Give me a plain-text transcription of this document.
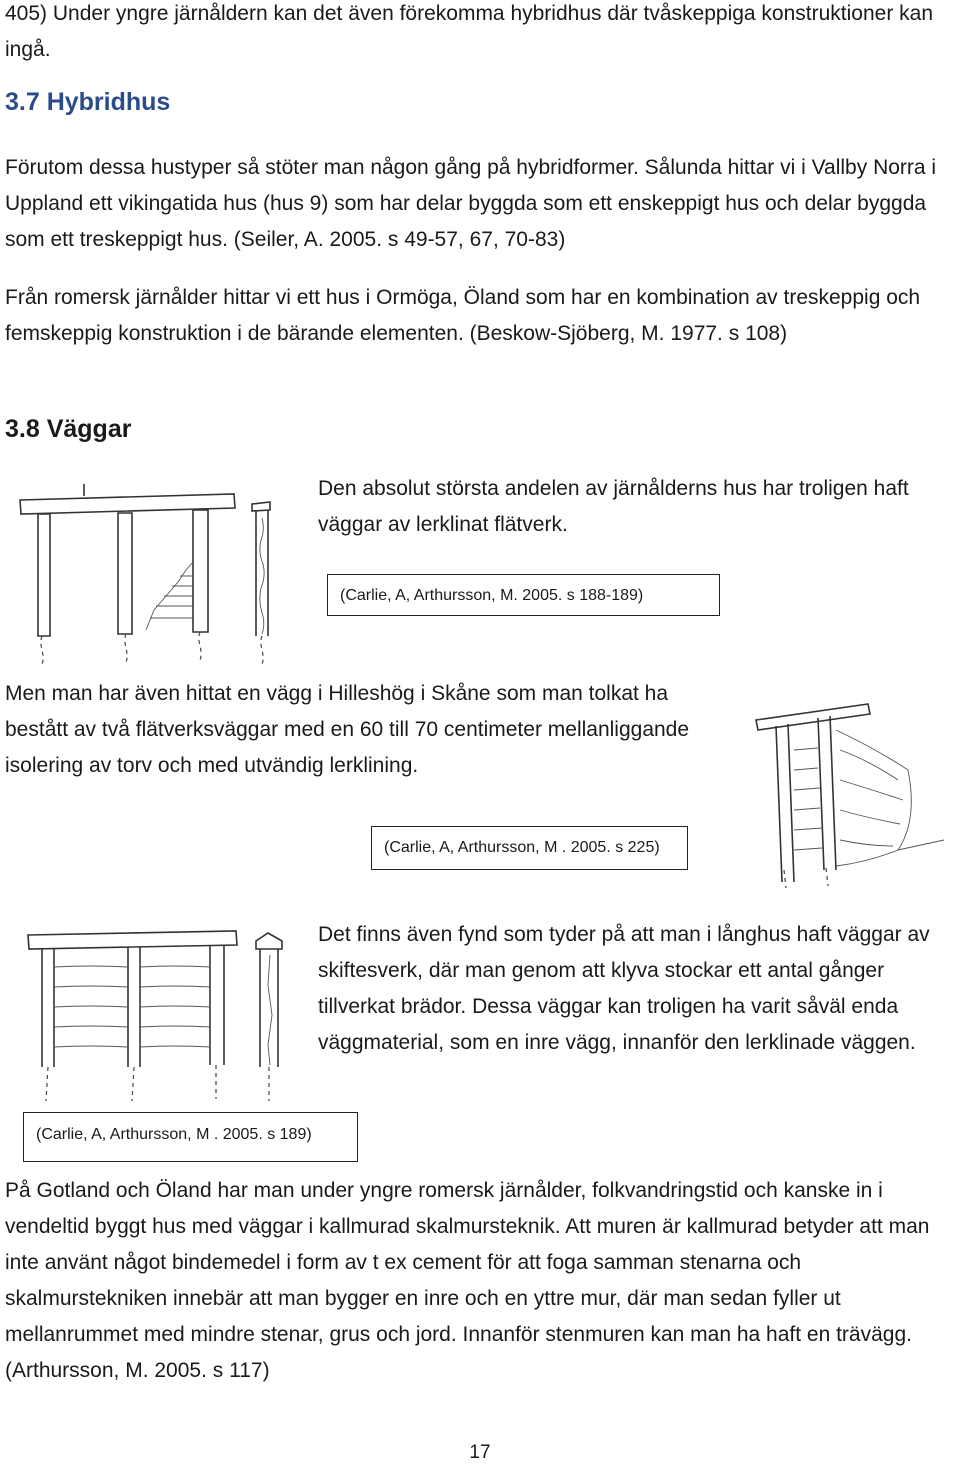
405) Under yngre järnåldern kan det även förekomma hybridhus där tvåskeppiga konstruktioner kan ingå.

3.7 Hybridhus

Förutom dessa hustyper så stöter man någon gång på hybridformer. Sålunda hittar vi i Vallby Norra i Uppland ett vikingatida hus (hus 9) som har delar byggda som ett enskeppigt hus och delar byggda som ett treskeppigt hus. (Seiler, A. 2005. s 49-57, 67, 70-83)

Från romersk järnålder hittar vi ett hus i Ormöga, Öland som har en kombination av treskeppig och femskeppig konstruktion i de bärande elementen. (Beskow-Sjöberg, M. 1977. s 108)

3.8 Väggar

Den absolut största andelen av järnålderns hus har troligen haft väggar av lerklinat flätverk.

(Carlie, A, Arthursson, M. 2005. s 188-189)

Men man har även hittat en vägg i Hilleshög i Skåne som man tolkat ha bestått av två flätverksväggar med en 60 till 70 centimeter mellanliggande isolering av torv och med utvändig lerklining.

(Carlie, A, Arthursson, M . 2005. s 225)

Det finns även fynd som tyder på att man i långhus haft väggar av skiftesverk, där man genom att klyva stockar ett antal gånger tillverkat brädor. Dessa väggar kan troligen ha varit såväl enda väggmaterial, som en inre vägg, innanför den lerklinade väggen.

(Carlie, A, Arthursson, M . 2005. s 189)

På Gotland och Öland har man under yngre romersk järnålder, folkvandringstid och kanske in i vendeltid byggt hus med väggar i kallmurad skalmursteknik. Att muren är kallmurad betyder att man inte använt något bindemedel i form av t ex cement för att foga samman stenarna och skalmurstekniken innebär att man bygger en inre och en yttre mur, där man sedan fyller ut mellanrummet med mindre stenar, grus och jord. Innanför stenmuren kan man ha haft en trävägg. (Arthursson, M. 2005. s 117)

17
